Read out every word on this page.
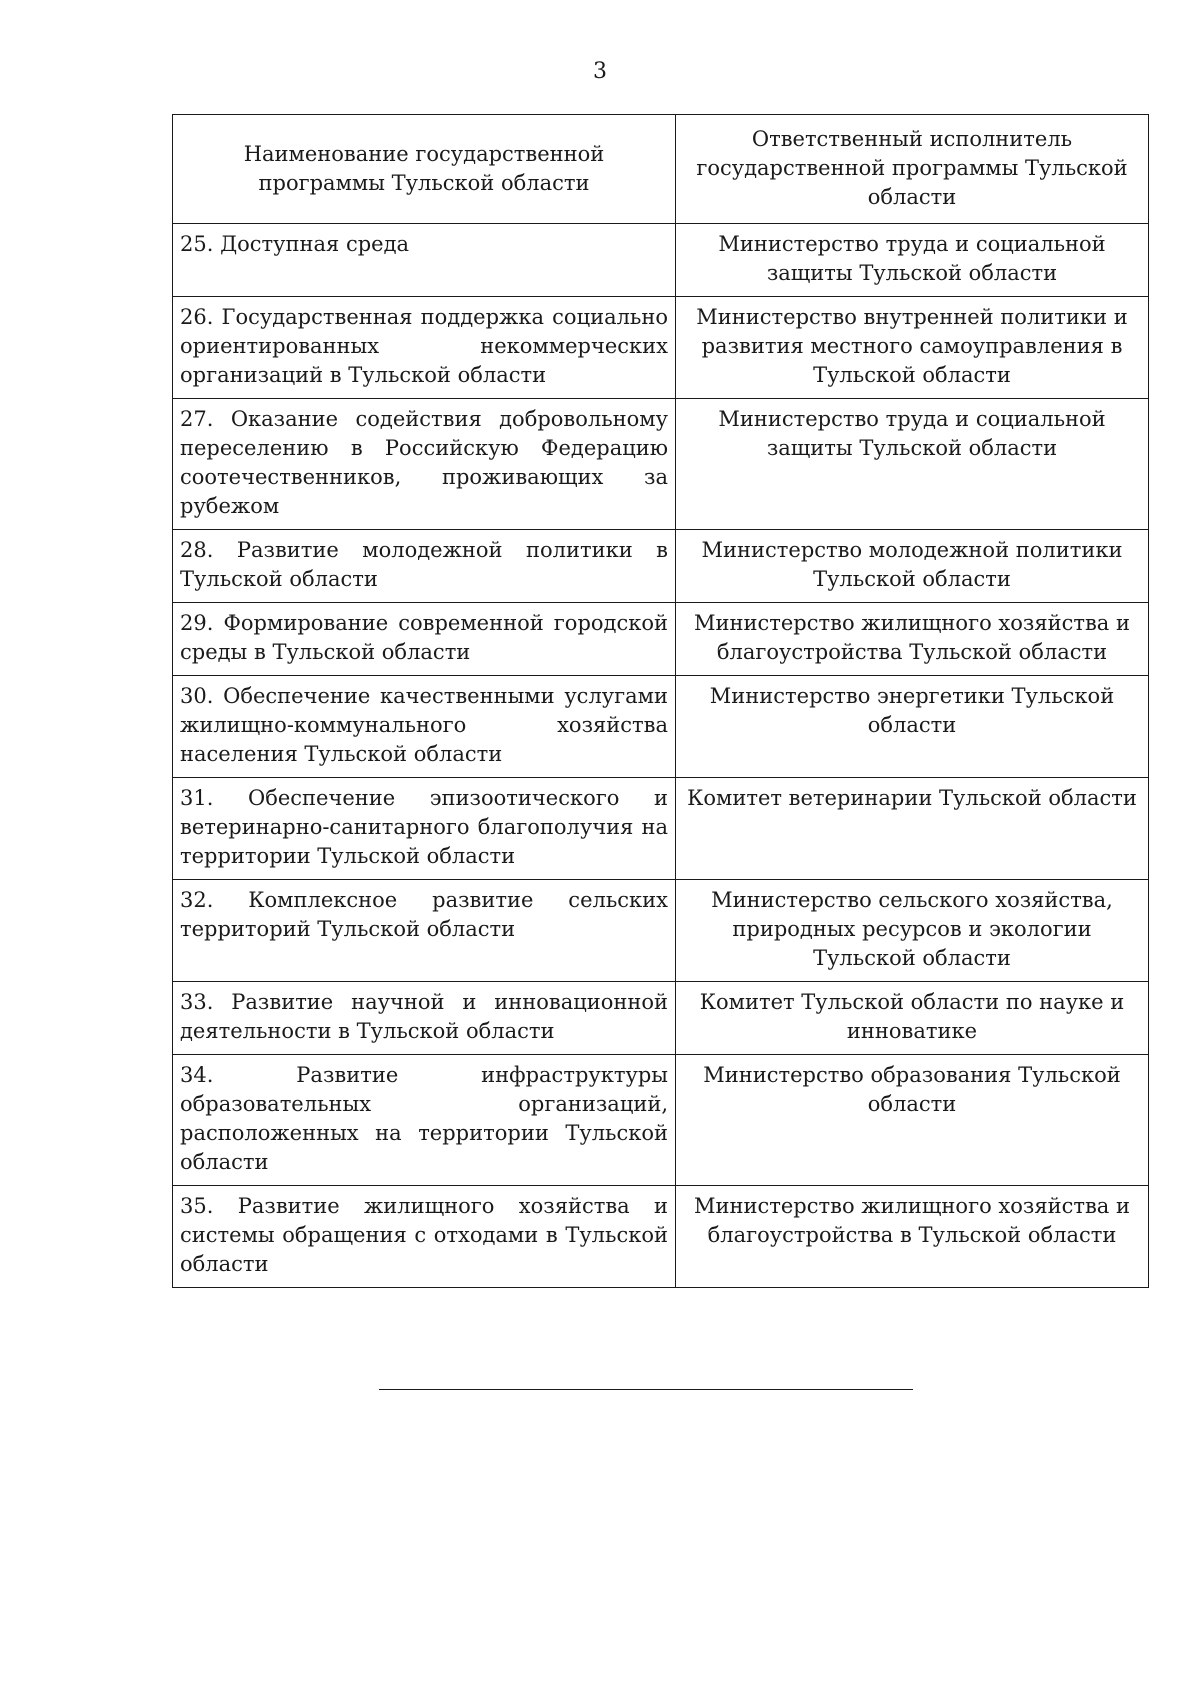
3
Наименование государственной программы Тульской области	Ответственный исполнитель государственной программы Тульской области
25. Доступная среда	Министерство труда и социальной защиты Тульской области
26. Государственная поддержка социально ориентированных некоммерческих организаций в Тульской области	Министерство внутренней политики и развития местного самоуправления в Тульской области
27. Оказание содействия добровольному переселению в Российскую Федерацию соотечественников, проживающих за рубежом	Министерство труда и социальной защиты Тульской области
28. Развитие молодежной политики в Тульской области	Министерство молодежной политики Тульской области
29. Формирование современной городской среды в Тульской области	Министерство жилищного хозяйства и благоустройства Тульской области
30. Обеспечение качественными услугами жилищно-коммунального хозяйства населения Тульской области	Министерство энергетики Тульской области
31. Обеспечение эпизоотического и ветеринарно-санитарного благополучия на территории Тульской области	Комитет ветеринарии Тульской области
32. Комплексное развитие сельских территорий Тульской области	Министерство сельского хозяйства, природных ресурсов и экологии Тульской области
33. Развитие научной и инновационной деятельности в Тульской области	Комитет Тульской области по науке и инноватике
34. Развитие инфраструктуры образовательных организаций, расположенных на территории Тульской области	Министерство образования Тульской области
35. Развитие жилищного хозяйства и системы обращения с отходами в Тульской области	Министерство жилищного хозяйства и благоустройства в Тульской области
